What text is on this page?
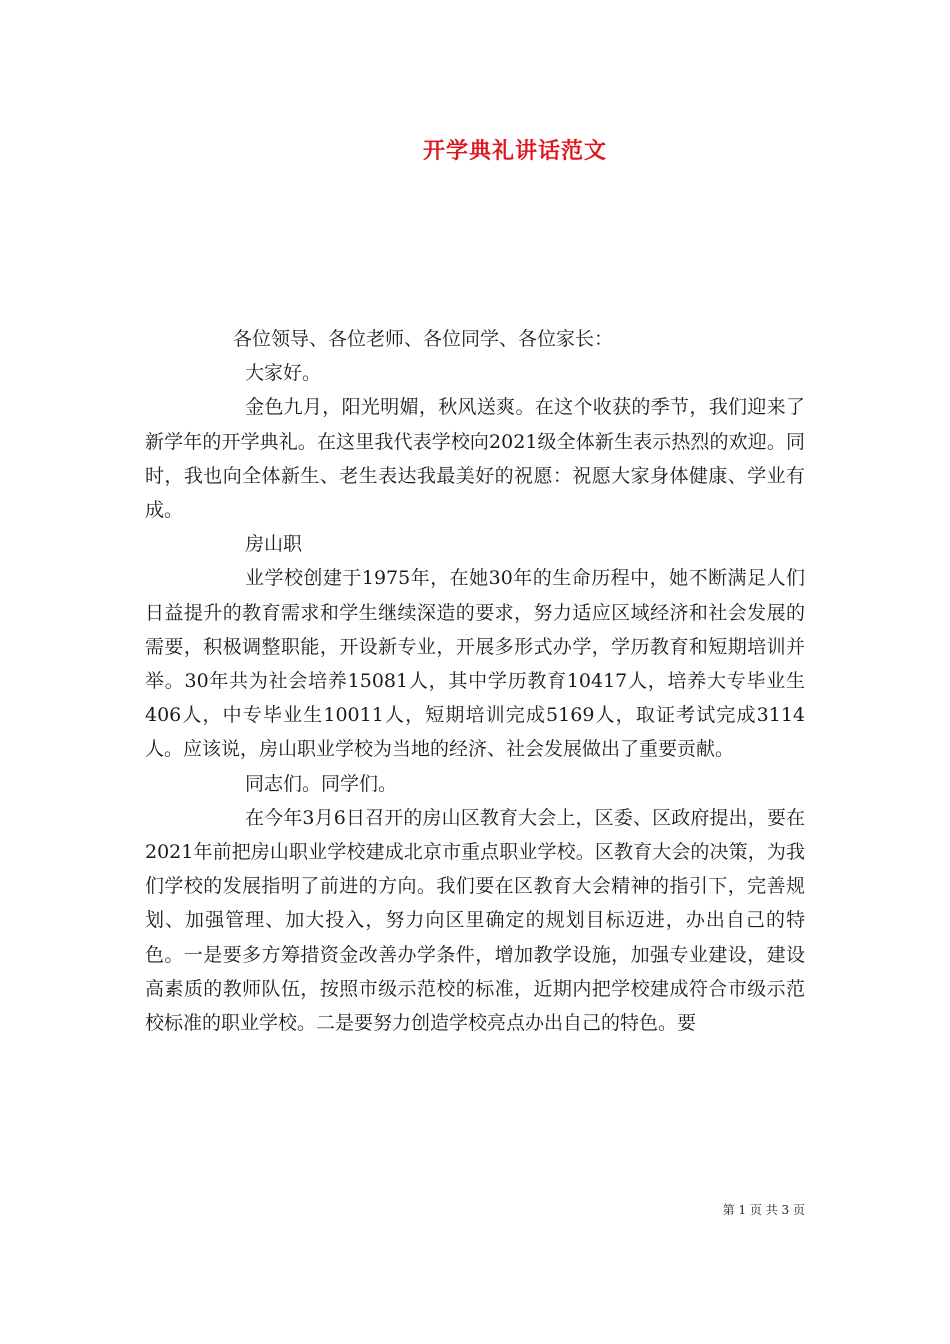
开学典礼讲话范文

各位领导、各位老师、各位同学、各位家长：

大家好。

金色九月，阳光明媚，秋风送爽。在这个收获的季节，我们迎来了新学年的开学典礼。在这里我代表学校向2021级全体新生表示热烈的欢迎。同时，我也向全体新生、老生表达我最美好的祝愿：祝愿大家身体健康、学业有成。

房山职

业学校创建于1975年，在她30年的生命历程中，她不断满足人们日益提升的教育需求和学生继续深造的要求，努力适应区域经济和社会发展的需要，积极调整职能，开设新专业，开展多形式办学，学历教育和短期培训并举。30年共为社会培养15081人，其中学历教育10417人，培养大专毕业生406人，中专毕业生10011人，短期培训完成5169人，取证考试完成3114人。应该说，房山职业学校为当地的经济、社会发展做出了重要贡献。

同志们。同学们。

在今年3月6日召开的房山区教育大会上，区委、区政府提出，要在2021年前把房山职业学校建成北京市重点职业学校。区教育大会的决策，为我们学校的发展指明了前进的方向。我们要在区教育大会精神的指引下，完善规划、加强管理、加大投入，努力向区里确定的规划目标迈进，办出自己的特色。一是要多方筹措资金改善办学条件，增加教学设施，加强专业建设，建设高素质的教师队伍，按照市级示范校的标准，近期内把学校建成符合市级示范校标准的职业学校。二是要努力创造学校亮点办出自己的特色。要

第 1 页 共 3 页
